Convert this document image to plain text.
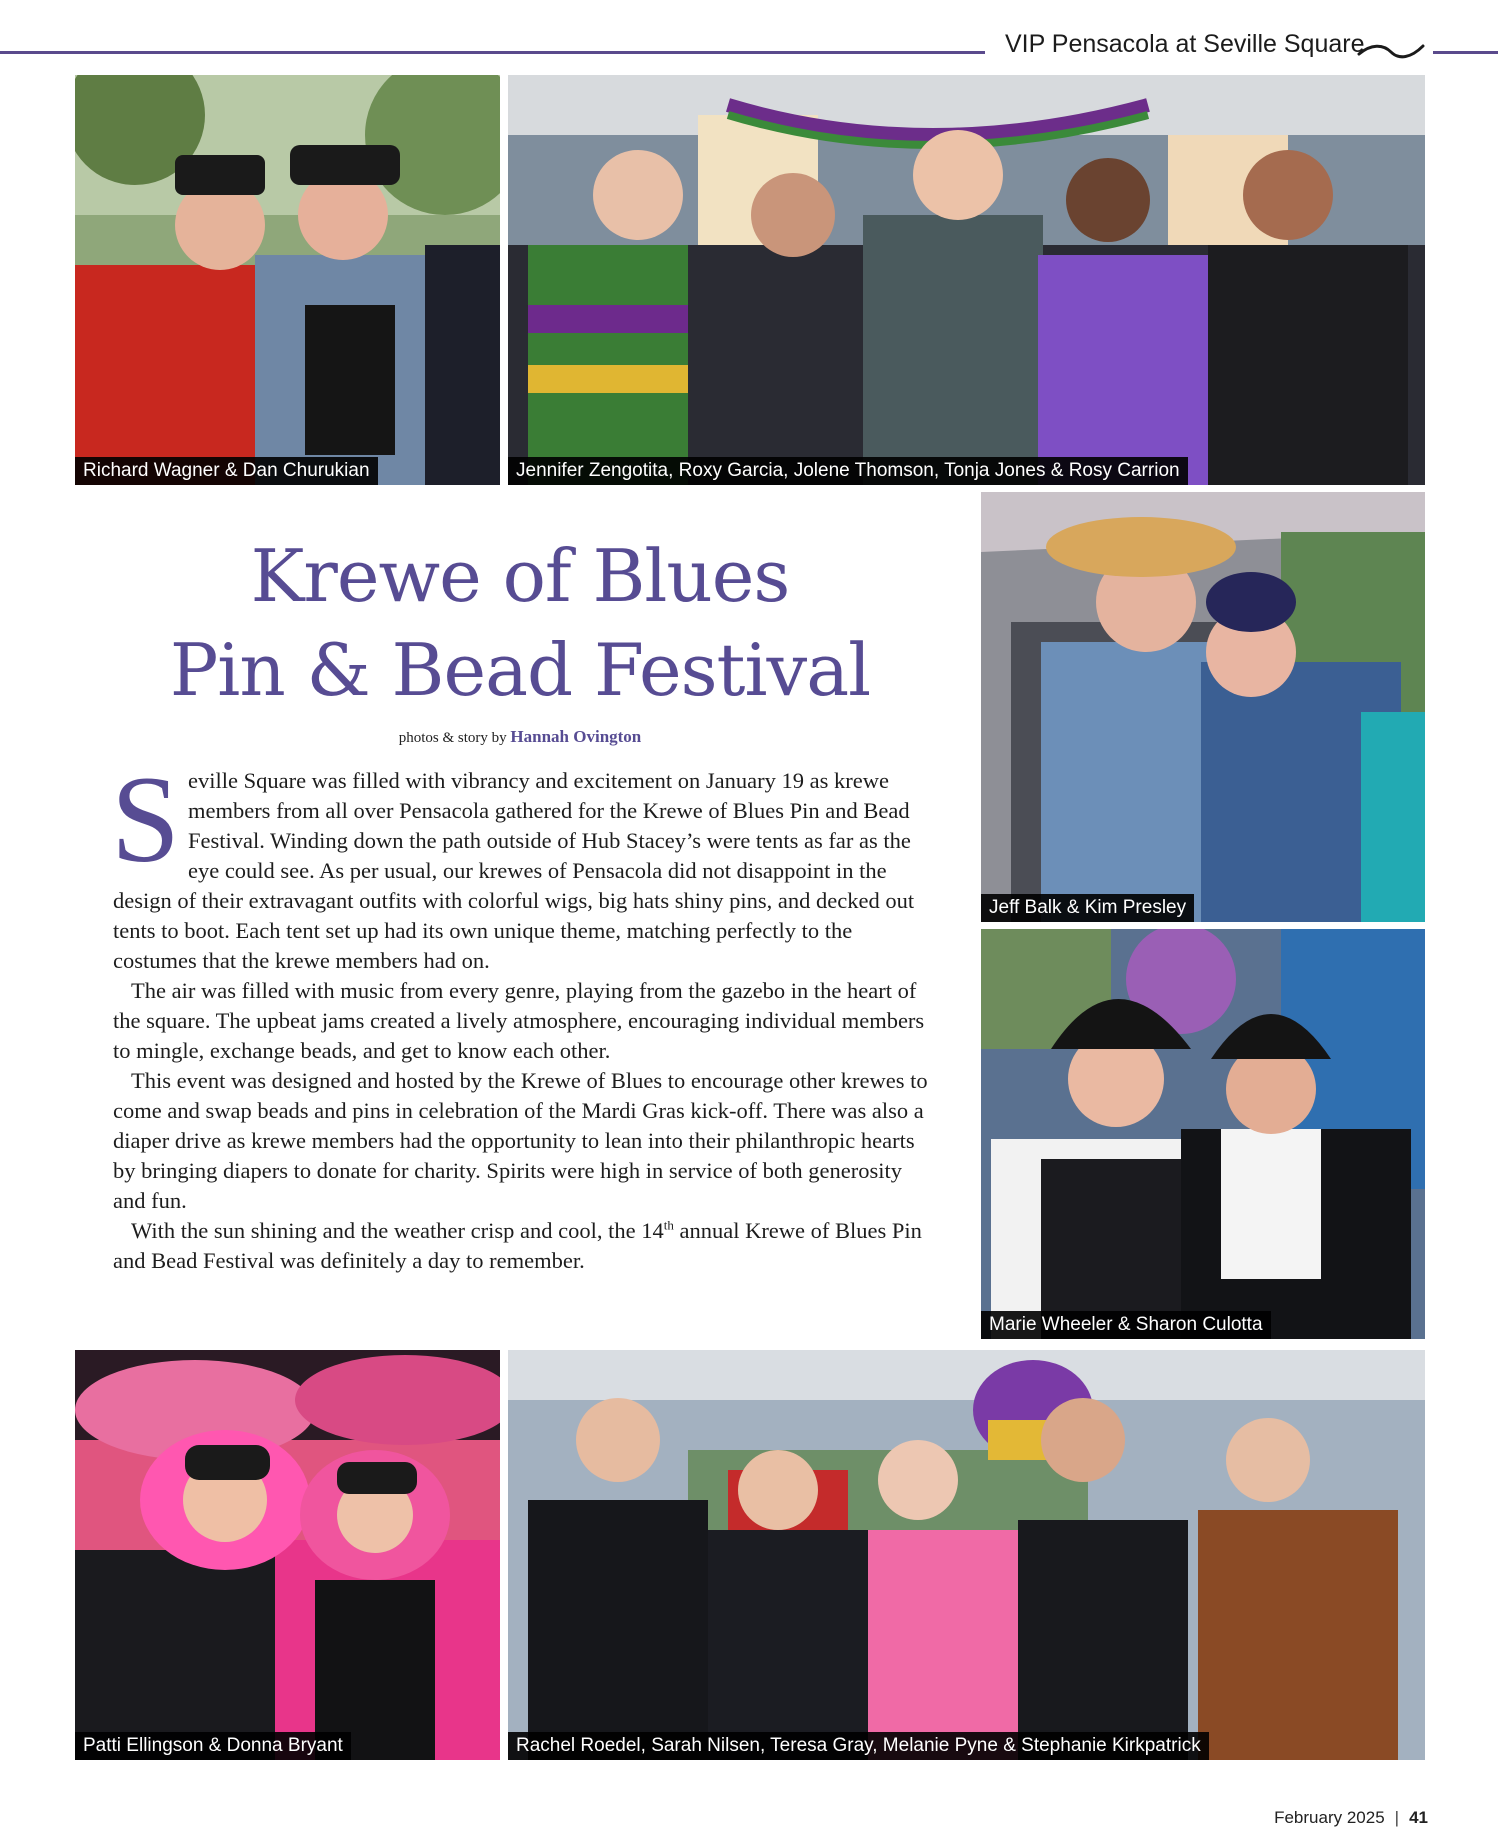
VIP Pensacola at Seville Square
Richard Wagner & Dan Churukian	Jennifer Zengotita, Roxy Garcia, Jolene Thomson, Tonja Jones & Rosy Carrion
Jeff Balk & Kim Presley
Marie Wheeler & Sharon Culotta
Patti Ellingson & Donna Bryant	Rachel Roedel, Sarah Nilsen, Teresa Gray, Melanie Pyne & Stephanie Kirkpatrick
Krewe of Blues
Pin & Bead Festival
photos & story by Hannah Ovington

Seville Square was filled with vibrancy and excitement on January 19 as krewe members from all over Pensacola gathered for the Krewe of Blues Pin and Bead Festival. Winding down the path outside of Hub Stacey’s were tents as far as the eye could see. As per usual, our krewes of Pensacola did not disappoint in the design of their extravagant outfits with colorful wigs, big hats shiny pins, and decked out tents to boot. Each tent set up had its own unique theme, matching perfectly to the costumes that the krewe members had on.

The air was filled with music from every genre, playing from the gazebo in the heart of the square. The upbeat jams created a lively atmosphere, encouraging individual members to mingle, exchange beads, and get to know each other.

This event was designed and hosted by the Krewe of Blues to encourage other krewes to come and swap beads and pins in celebration of the Mardi Gras kick-off. There was also a diaper drive as krewe members had the opportunity to lean into their philanthropic hearts by bringing diapers to donate for charity. Spirits were high in service of both generosity and fun.

With the sun shining and the weather crisp and cool, the 14th annual Krewe of Blues Pin and Bead Festival was definitely a day to remember.

February 2025 | 41
